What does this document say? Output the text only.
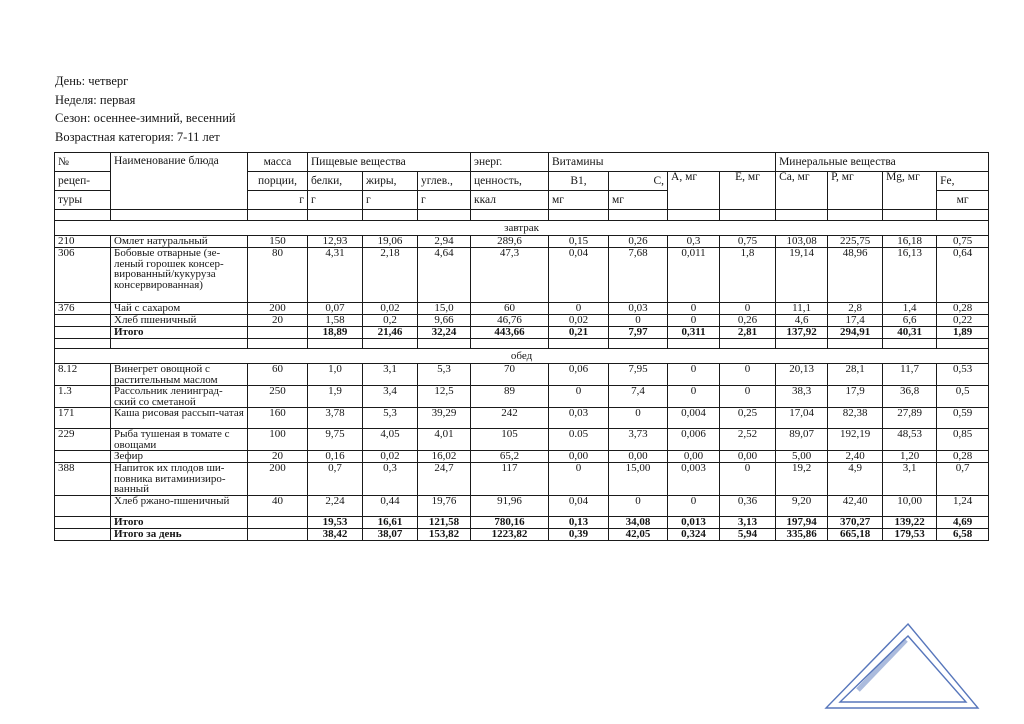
День: четверг
Неделя: первая
Сезон: осеннее-зимний, весенний
Возрастная категория: 7-11 лет
№	Наименование блюда	масса	Пищевые вещества			энерг.	Витамины				Минеральные вещества			
рецеп-		порции,	белки,	жиры,	углев.,	ценность,	В1,	С,	А, мг	Е, мг	Са, мг	Р, мг	Mg, мг	Fe,
туры		г	г	г	г	ккал	мг	мг						мг

завтрак														
210	Омлет натуральный	150	12,93	19,06	2,94	289,6	0,15	0,26	0,3	0,75	103,08	225,75	16,18	0,75
306	Бобовые отварные (зе-леный горошек консер-вированный/кукуруза консервированная)	80	4,31	2,18	4,64	47,3	0,04	7,68	0,011	1,8	19,14	48,96	16,13	0,64
376	Чай с сахаром	200	0,07	0,02	15,0	60	0	0,03	0	0	11,1	2,8	1,4	0,28
	Хлеб пшеничный	20	1,58	0,2	9,66	46,76	0,02	0	0	0,26	4,6	17,4	6,6	0,22
	Итого		18,89	21,46	32,24	443,66	0,21	7,97	0,311	2,81	137,92	294,91	40,31	1,89

обед														
8.12	Винегрет овощной с растительным маслом	60	1,0	3,1	5,3	70	0,06	7,95	0	0	20,13	28,1	11,7	0,53
1.3	Рассольник ленинград-ский со сметаной	250	1,9	3,4	12,5	89	0	7,4	0	0	38,3	17,9	36,8	0,5
171	Каша рисовая рассып-чатая	160	3,78	5,3	39,29	242	0,03	0	0,004	0,25	17,04	82,38	27,89	0,59
229	Рыба тушеная в томате с овощами	100	9,75	4,05	4,01	105	0.05	3,73	0,006	2,52	89,07	192,19	48,53	0,85
	Зефир	20	0,16	0,02	16,02	65,2	0,00	0,00	0,00	0,00	5,00	2,40	1,20	0,28
388	Напиток их плодов ши-повника витаминизиро-ванный	200	0,7	0,3	24,7	117	0	15,00	0,003	0	19,2	4,9	3,1	0,7
	Хлеб ржано-пшеничный	40	2,24	0,44	19,76	91,96	0,04	0	0	0,36	9,20	42,40	10,00	1,24
	Итого		19,53	16,61	121,58	780,16	0,13	34,08	0,013	3,13	197,94	370,27	139,22	4,69
	Итого за день		38,42	38,07	153,82	1223,82	0,39	42,05	0,324	5,94	335,86	665,18	179,53	6,58
